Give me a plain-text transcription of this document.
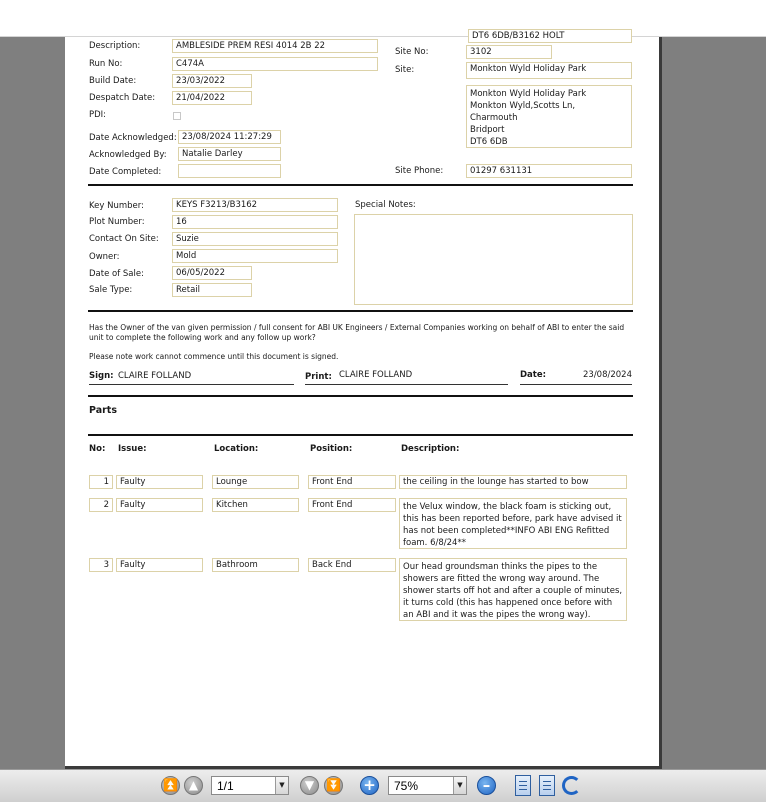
DT6 6DB/B3162 HOLT
Description:	AMBLESIDE PREM RESI 4014 2B 22
Run No:	C474A
Build Date:	23/03/2022
Despatch Date:	21/04/2022
PDI:
Date Acknowledged: 23/08/2024 11:27:29
Acknowledged By:	Natalie Darley
Date Completed:
Site No:	3102
Site:	Monkton Wyld Holiday Park
Monkton Wyld Holiday Park
Monkton Wyld,Scotts Ln,
Charmouth
Bridport
DT6 6DB
Site Phone:	01297 631131
Key Number:	KEYS F3213/B3162
Plot Number:	16
Contact On Site:	Suzie
Owner:	Mold
Date of Sale:	06/05/2022
Sale Type:	Retail
Special Notes:
Has the Owner of the van given permission / full consent for ABI UK Engineers / External Companies working on behalf of ABI to enter the said unit to complete the following work and any follow up work?
Please note work cannot commence until this document is signed.
Sign: CLAIRE FOLLAND	Print: CLAIRE FOLLAND	Date:	23/08/2024
Parts
No: Issue:	Location:	Position:	Description:
1	Faulty	Lounge	Front End	the ceiling in the lounge has started to bow
2	Faulty	Kitchen	Front End	the Velux window, the black foam is sticking out, this has been reported before, park have advised it has not been completed**INFO ABI ENG Refitted foam. 6/8/24**
3	Faulty	Bathroom	Back End	Our head groundsman thinks the pipes to the showers are fitted the wrong way around. The shower starts off hot and after a couple of minutes, it turns cold (this has happened once before with an ABI and it was the pipes the wrong way).
⏫ ▲
1/1	▼	▼ ⏬ +
75%	▼	–
